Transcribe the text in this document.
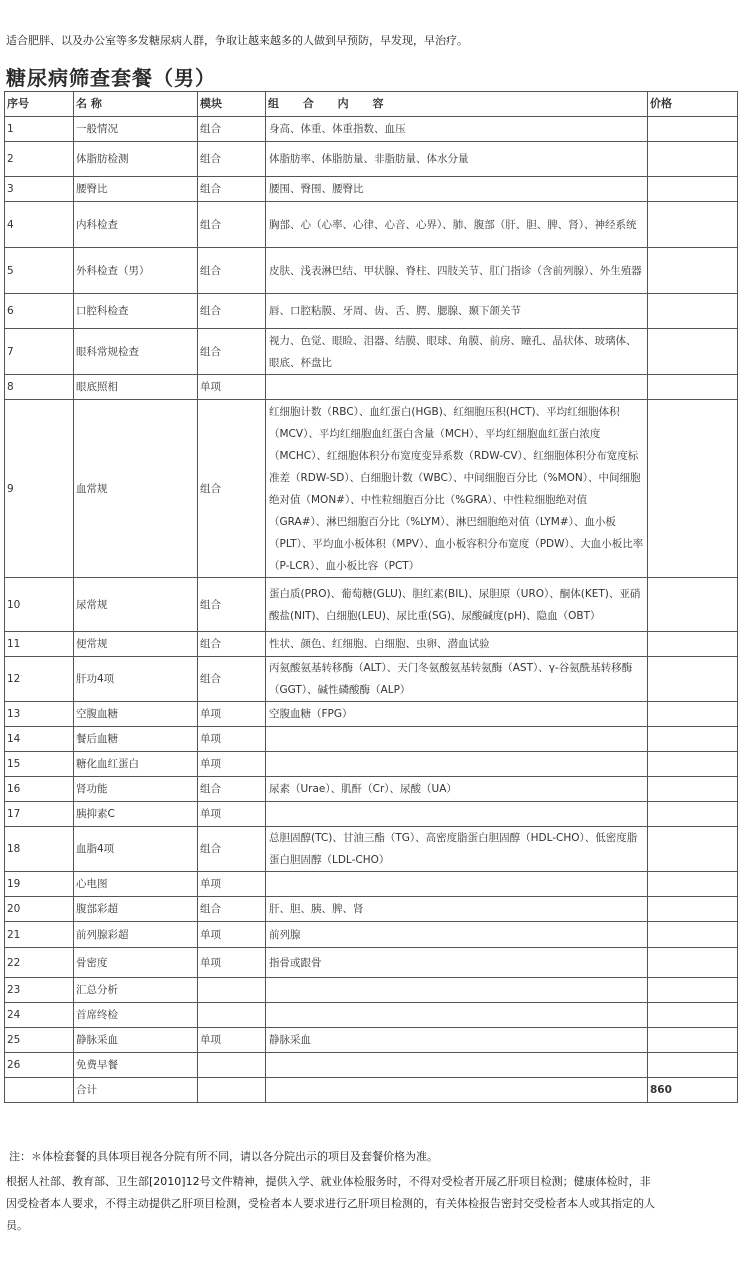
适合肥胖、以及办公室等多发糖尿病人群，争取让越来越多的人做到早预防，早发现，早治疗。
糖尿病筛查套餐（男）
序号	名 称	模块	组 合 内 容	价格
1	一般情况	组合	身高、体重、体重指数、血压	
2	体脂肪检测	组合	体脂肪率、体脂肪量、非脂肪量、体水分量	
3	腰臀比	组合	腰围、臀围、腰臀比	
4	内科检查	组合	胸部、心（心率、心律、心音、心界）、肺、腹部（肝、胆、脾、肾）、神经系统	
5	外科检查（男）	组合	皮肤、浅表淋巴结、甲状腺、脊柱、四肢关节、肛门指诊（含前列腺）、外生殖器	
6	口腔科检查	组合	唇、口腔粘膜、牙周、齿、舌、腭、腮腺、颞下颌关节	
7	眼科常规检查	组合	视力、色觉、眼睑、泪器、结膜、眼球、角膜、前房、瞳孔、晶状体、玻璃体、眼底、杯盘比	
8	眼底照相	单项		
9	血常规	组合	红细胞计数（RBC）、血红蛋白(HGB)、红细胞压积(HCT)、平均红细胞体积（MCV）、平均红细胞血红蛋白含量（MCH）、平均红细胞血红蛋白浓度（MCHC）、红细胞体积分布宽度变异系数（RDW-CV）、红细胞体积分布宽度标准差（RDW-SD）、白细胞计数（WBC）、中间细胞百分比（%MON）、中间细胞绝对值（MON#）、中性粒细胞百分比（%GRA）、中性粒细胞绝对值（GRA#）、淋巴细胞百分比（%LYM）、淋巴细胞绝对值（LYM#）、血小板（PLT）、平均血小板体积（MPV）、血小板容积分布宽度（PDW）、大血小板比率（P-LCR）、血小板比容（PCT）	
10	尿常规	组合	蛋白质(PRO)、葡萄糖(GLU)、胆红素(BIL)、尿胆原（URO）、酮体(KET)、亚硝酸盐(NIT)、白细胞(LEU)、尿比重(SG)、尿酸碱度(pH)、隐血（OBT）	
11	便常规	组合	性状、颜色、红细胞、白细胞、虫卵、潜血试验	
12	肝功4项	组合	丙氨酸氨基转移酶（ALT）、天门冬氨酸氨基转氨酶（AST）、γ-谷氨酰基转移酶（GGT）、碱性磷酸酶（ALP）	
13	空腹血糖	单项	空腹血糖（FPG）	
14	餐后血糖	单项		
15	糖化血红蛋白	单项		
16	肾功能	组合	尿素（Urae）、肌酐（Cr）、尿酸（UA）	
17	胰抑素C	单项		
18	血脂4项	组合	总胆固醇(TC)、甘油三酯（TG）、高密度脂蛋白胆固醇（HDL-CHO）、低密度脂蛋白胆固醇（LDL-CHO）	
19	心电图	单项		
20	腹部彩超	组合	肝、胆、胰、脾、肾	
21	前列腺彩超	单项	前列腺	
22	骨密度	单项	指骨或跟骨	
23	汇总分析			
24	首席终检			
25	静脉采血	单项	静脉采血	
26	免费早餐			
	合计			860
注：＊体检套餐的具体项目视各分院有所不同，请以各分院出示的项目及套餐价格为准。
根据人社部、教育部、卫生部[2010]12号文件精神，提供入学、就业体检服务时，不得对受检者开展乙肝项目检测；健康体检时，非因受检者本人要求，不得主动提供乙肝项目检测，受检者本人要求进行乙肝项目检测的，有关体检报告密封交受检者本人或其指定的人员。
